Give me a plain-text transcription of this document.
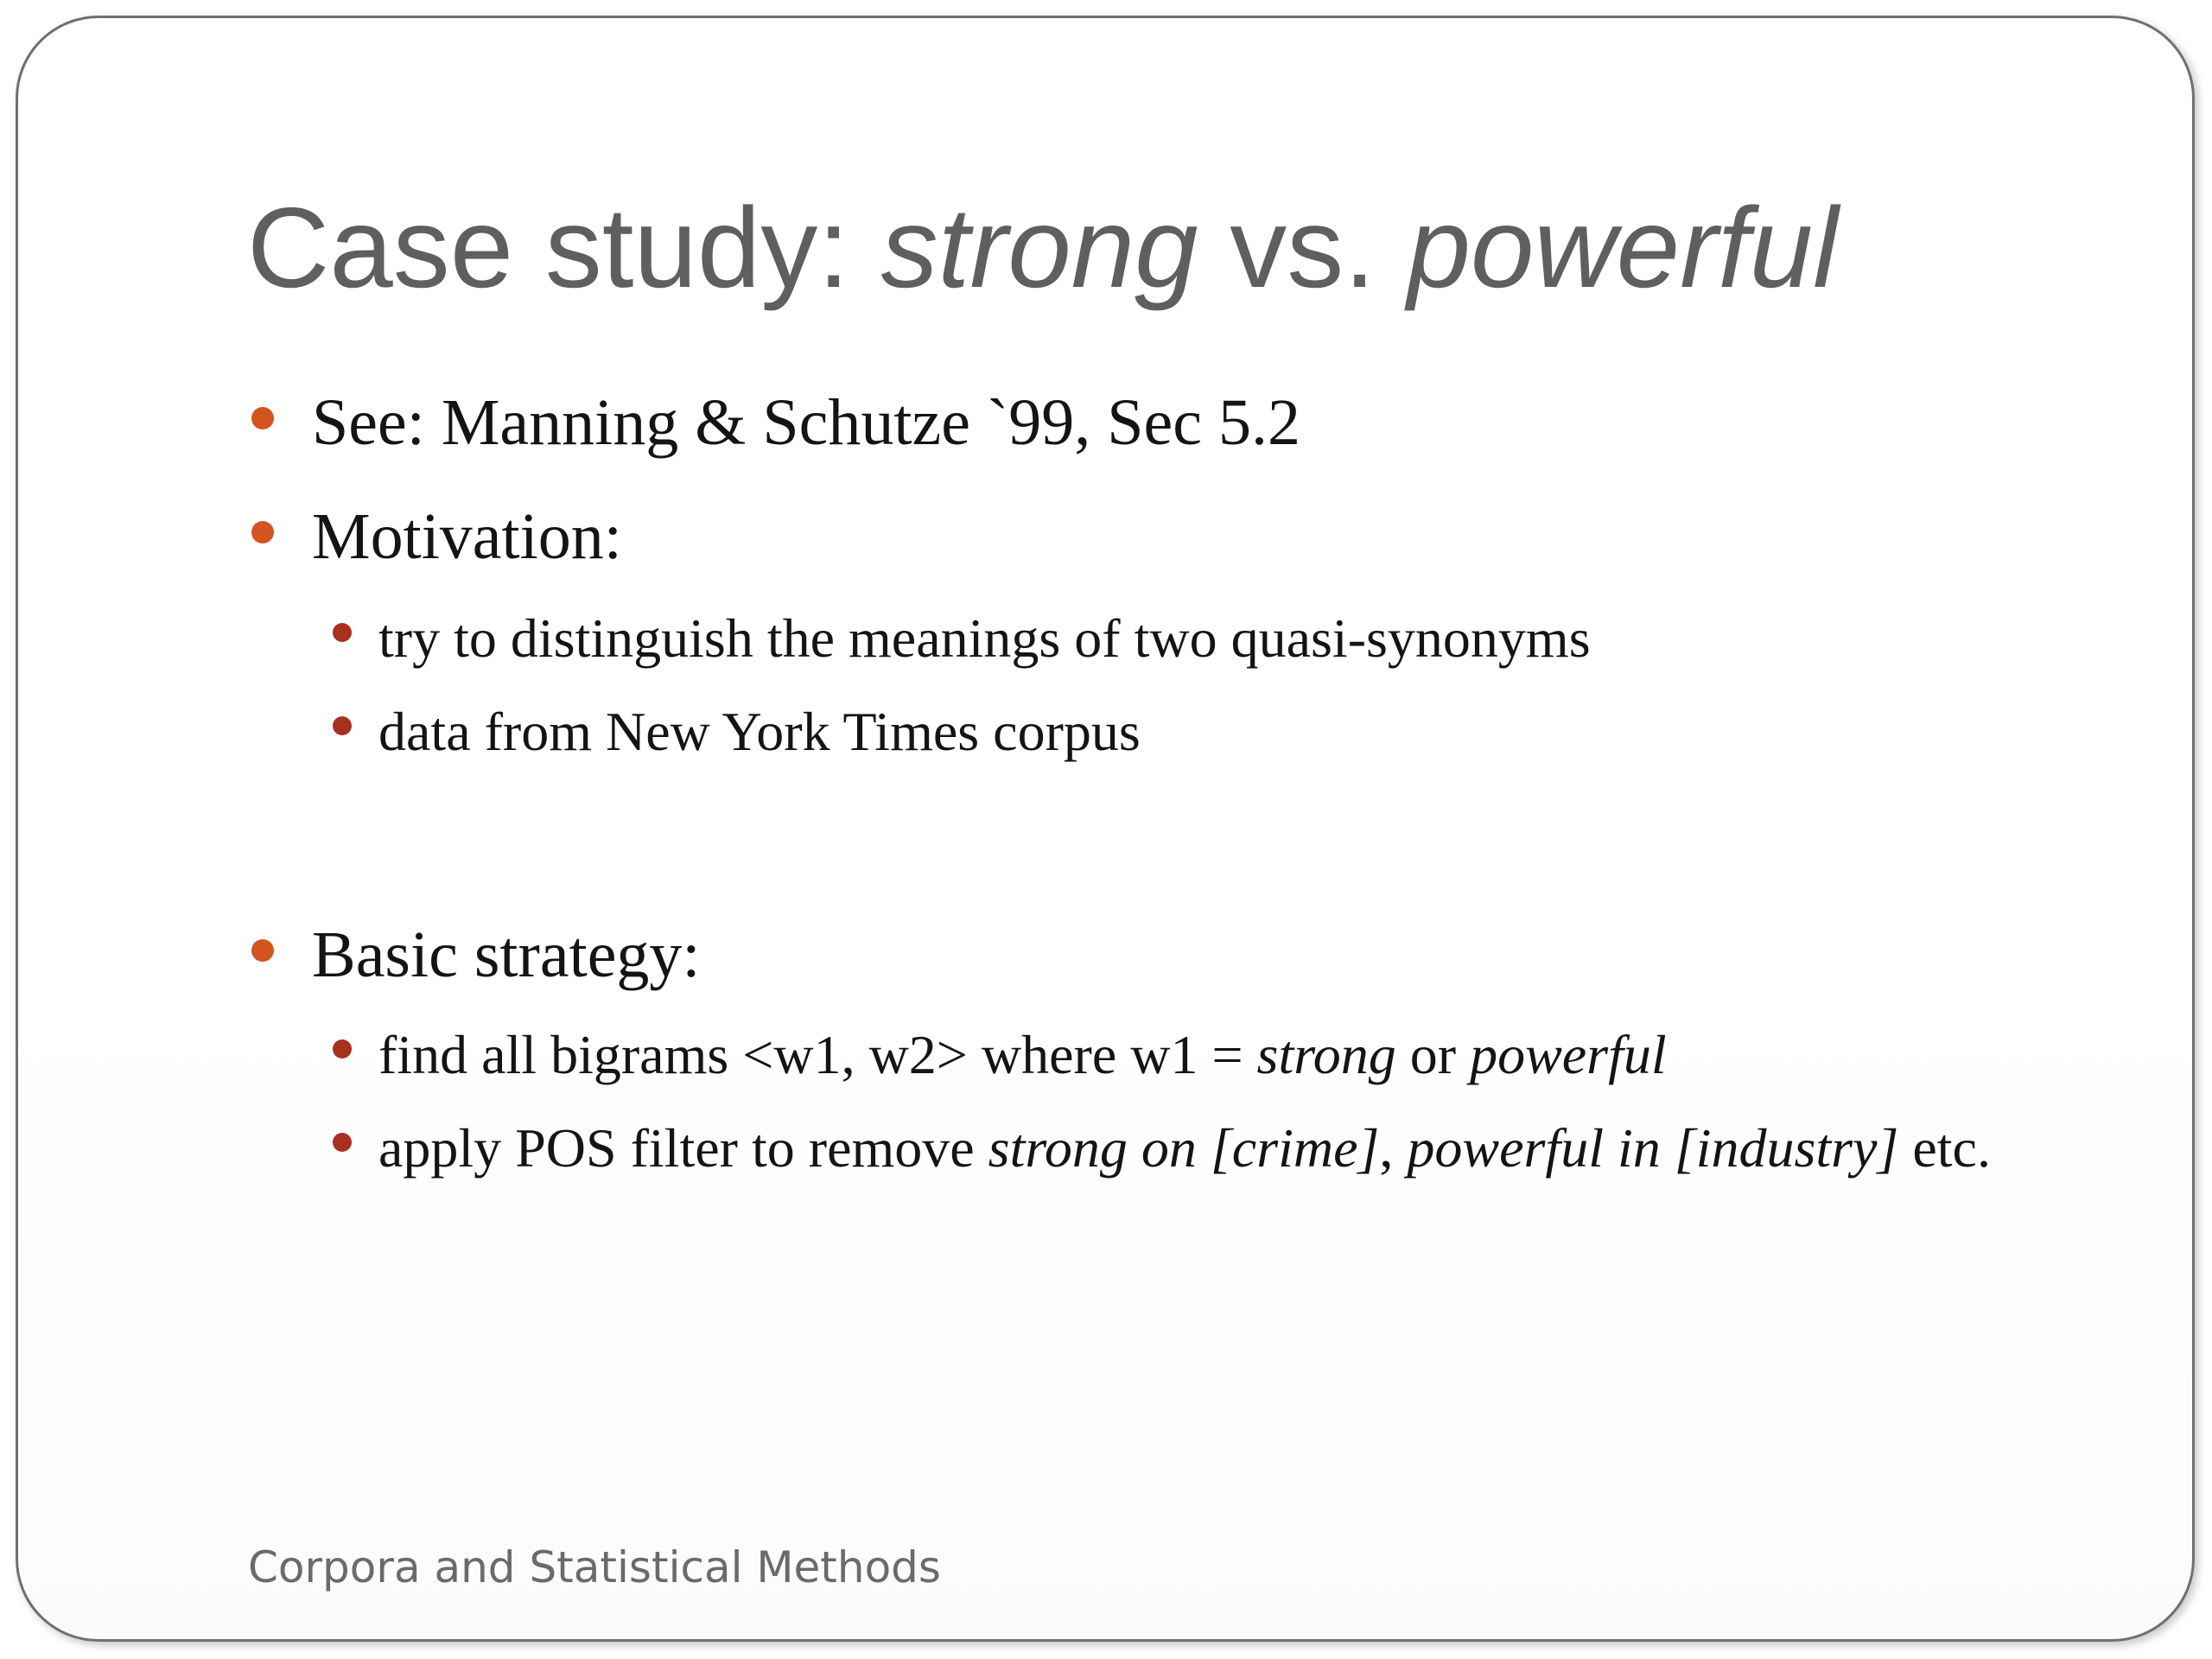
Case study: strong vs. powerful
See: Manning & Schutze `99, Sec 5.2
Motivation:
try to distinguish the meanings of two quasi-synonyms
data from New York Times corpus
Basic strategy:
find all bigrams <w1, w2> where w1 = strong or powerful
apply POS filter to remove strong on [crime], powerful in [industry] etc.
Corpora and Statistical Methods
